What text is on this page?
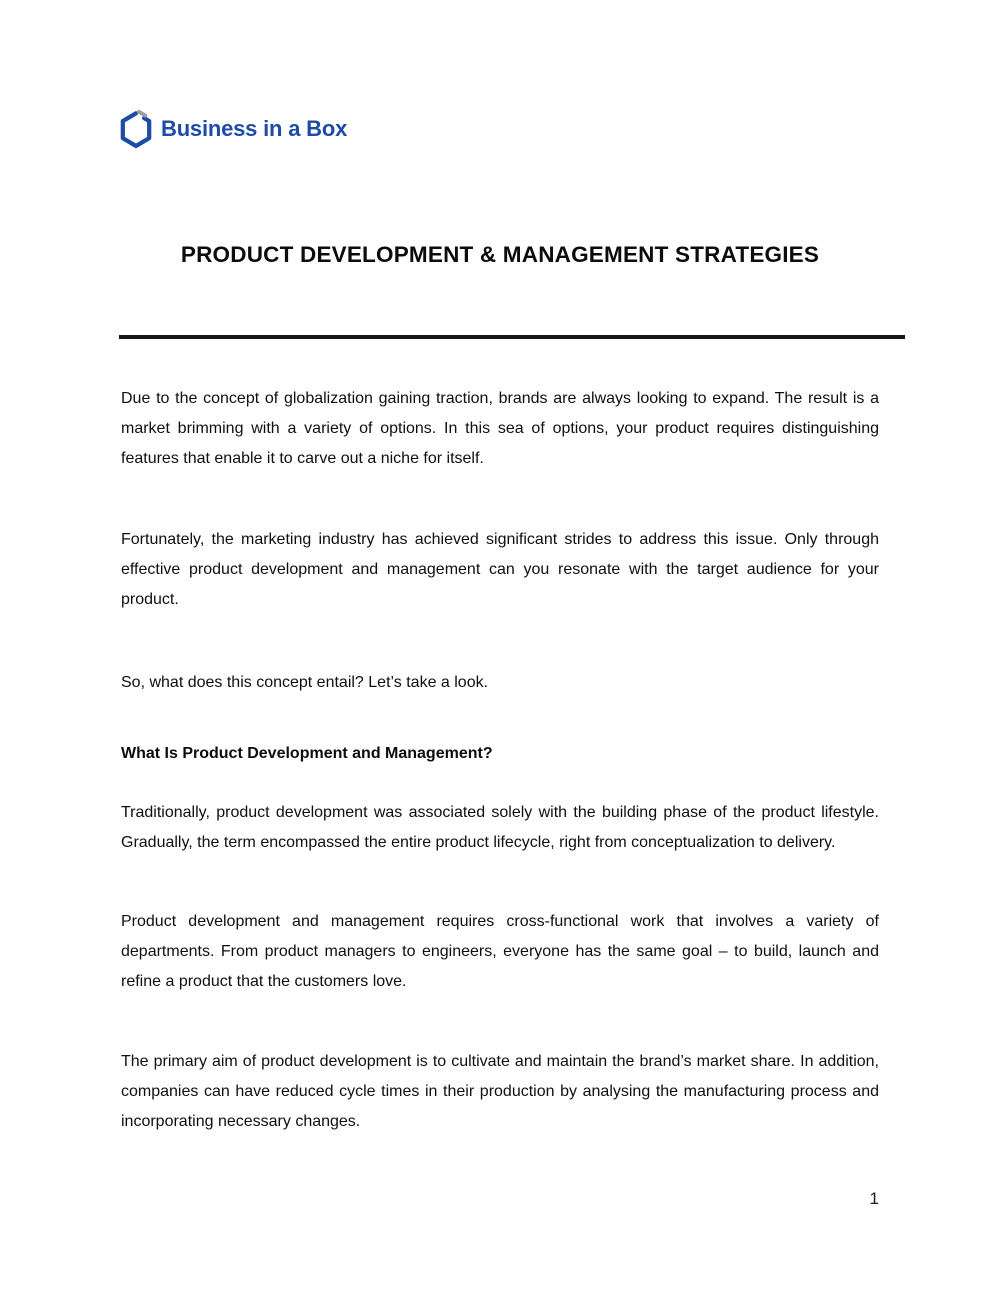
Business in a Box
PRODUCT DEVELOPMENT & MANAGEMENT STRATEGIES

Due to the concept of globalization gaining traction, brands are always looking to expand. The result is a market brimming with a variety of options. In this sea of options, your product requires distinguishing features that enable it to carve out a niche for itself.

Fortunately, the marketing industry has achieved significant strides to address this issue. Only through effective product development and management can you resonate with the target audience for your product.

So, what does this concept entail? Let’s take a look.

What Is Product Development and Management?

Traditionally, product development was associated solely with the building phase of the product lifestyle. Gradually, the term encompassed the entire product lifecycle, right from conceptualization to delivery.

Product development and management requires cross-functional work that involves a variety of departments. From product managers to engineers, everyone has the same goal – to build, launch and refine a product that the customers love.

The primary aim of product development is to cultivate and maintain the brand’s market share. In addition, companies can have reduced cycle times in their production by analysing the manufacturing process and incorporating necessary changes.

1
